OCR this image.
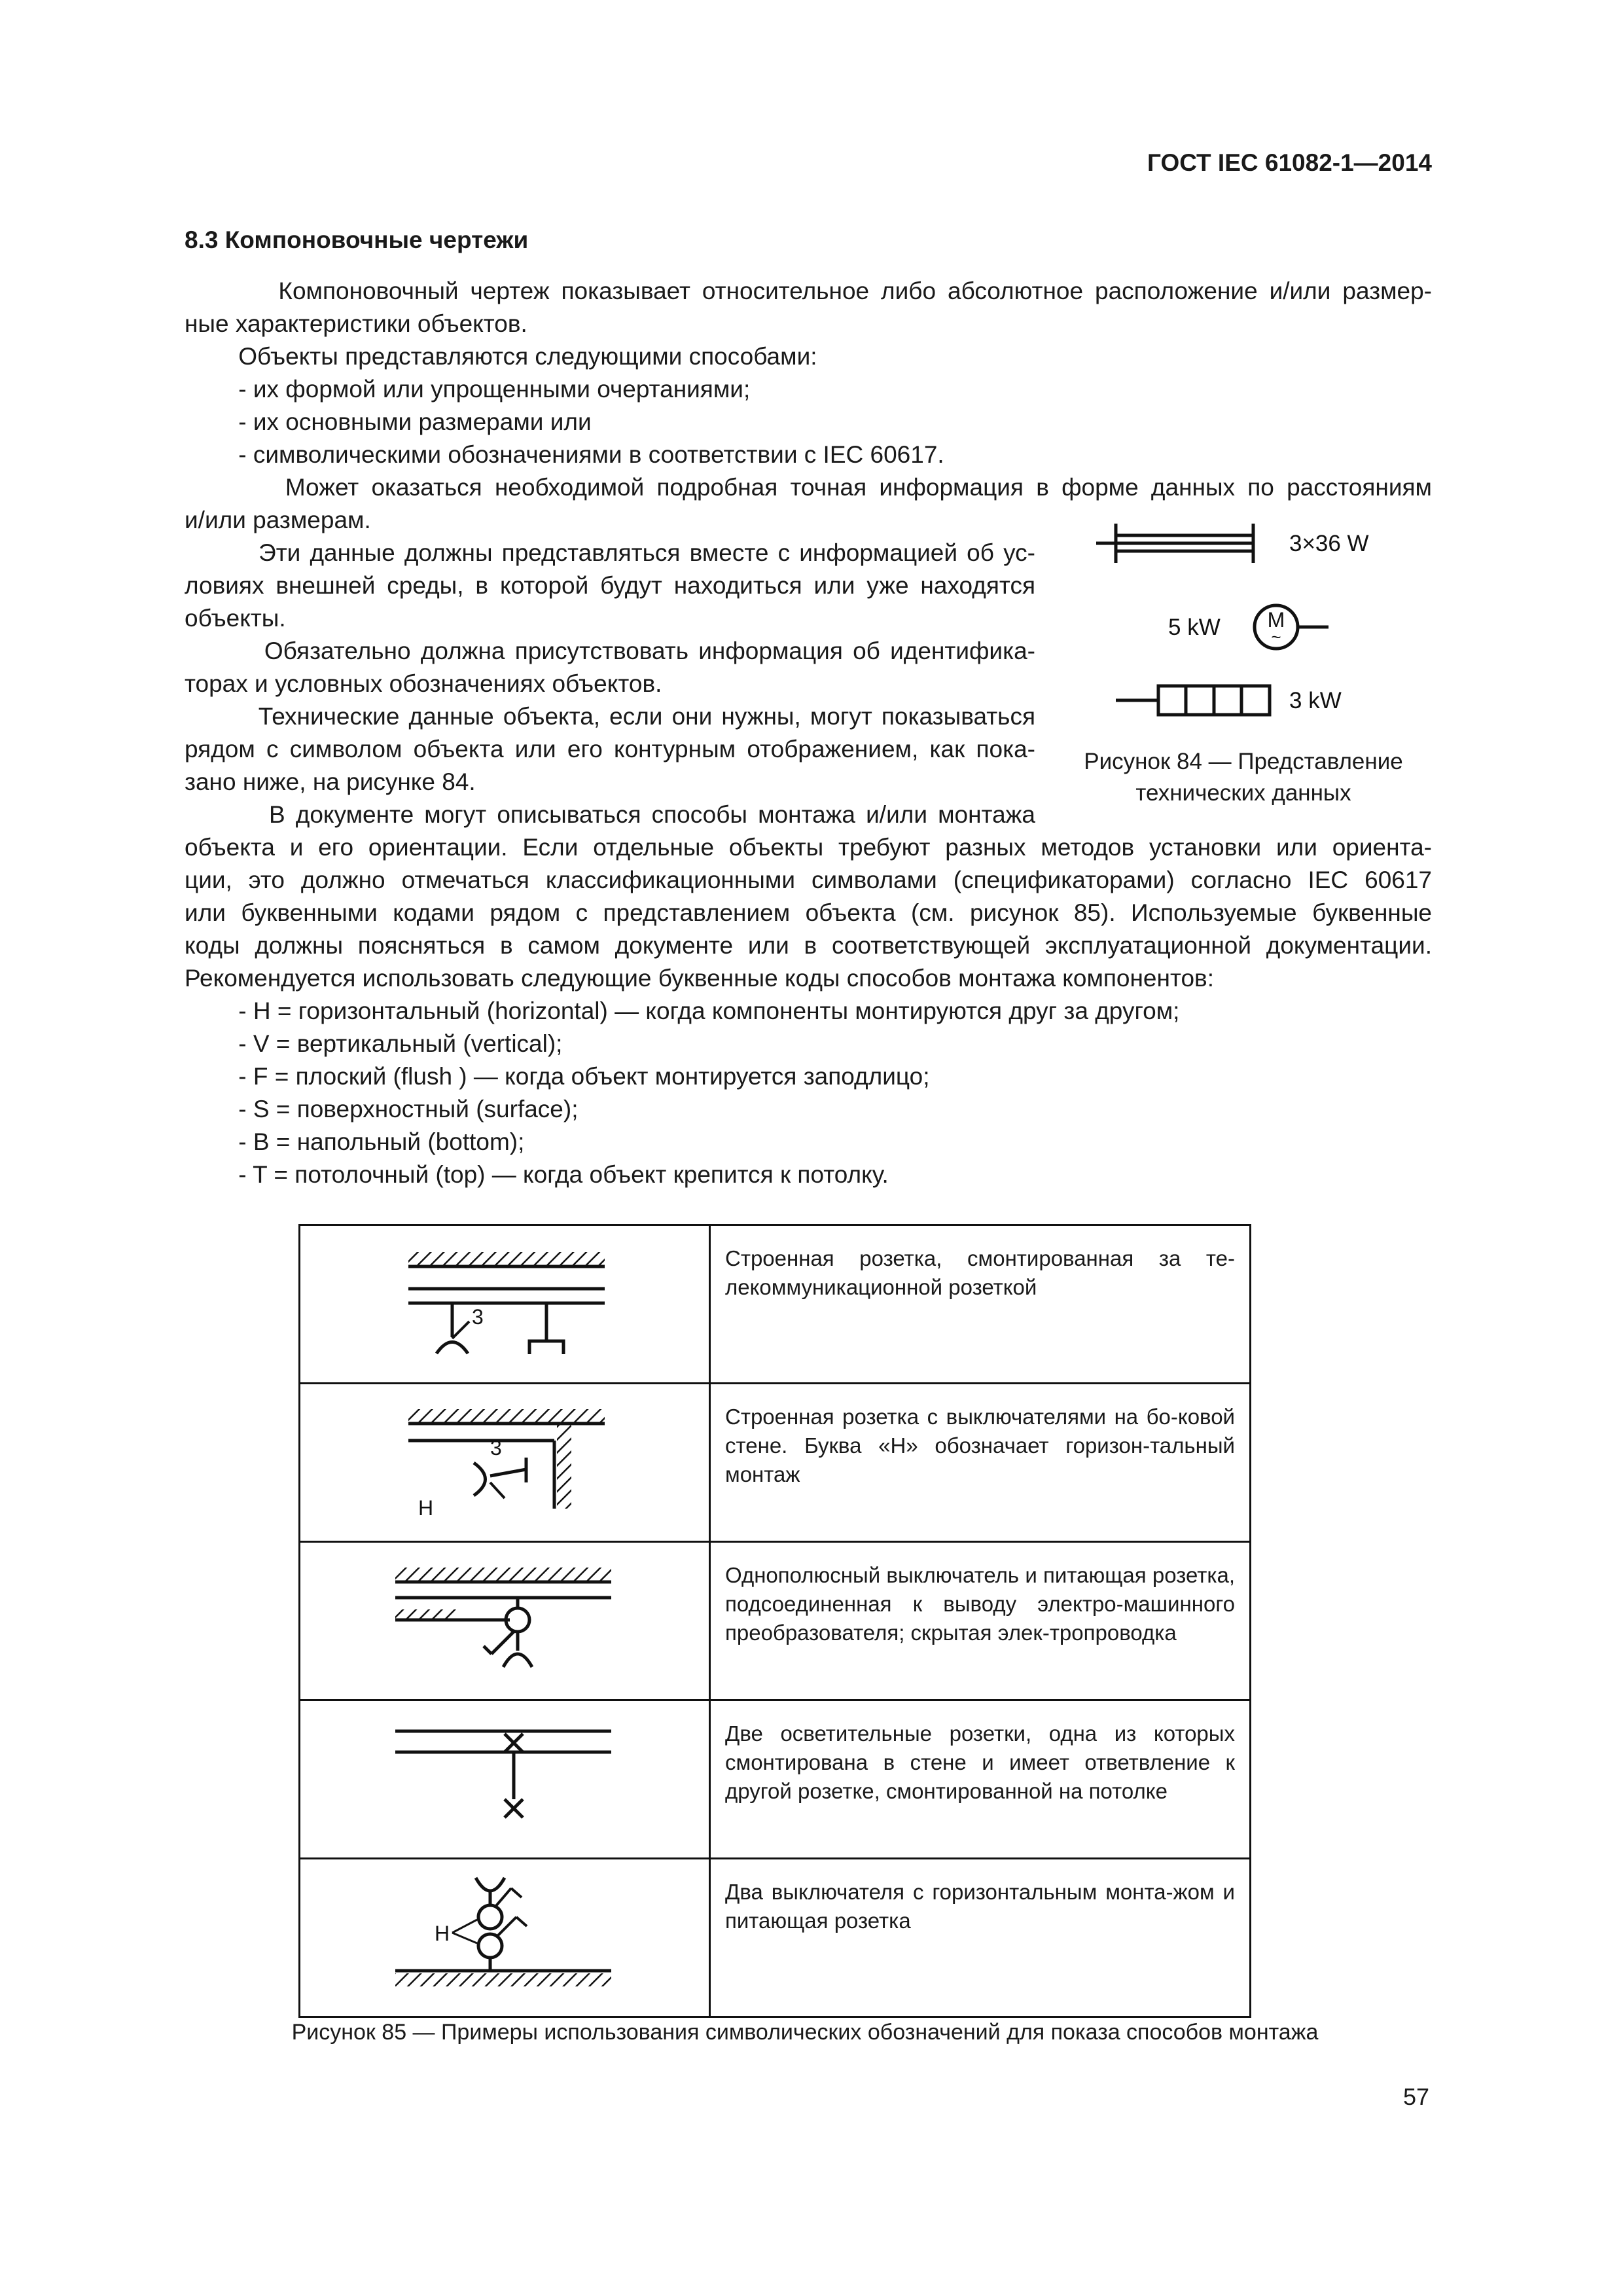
ГОСТ IEC 61082-1—2014
8.3 Компоновочные чертежи
Компоновочный чертеж показывает относительное либо абсолютное расположение и/или размер-
ные характеристики объектов.
Объекты представляются следующими способами:
- их формой или упрощенными очертаниями;
- их основными размерами или
- символическими обозначениями в соответствии с IEC 60617.
Может оказаться необходимой подробная точная информация в форме данных по расстояниям
и/или размерам.
Эти данные должны представляться вместе с информацией об ус-
ловиях внешней среды, в которой будут находиться или уже находятся
объекты.
Обязательно должна присутствовать информация об идентифика-
торах и условных обозначениях объектов.
Технические данные объекта, если они нужны, могут показываться
рядом с символом объекта или его контурным отображением, как пока-
зано ниже, на рисунке 84.
В документе могут описываться способы монтажа и/или монтажа
объекта и его ориентации. Если отдельные объекты требуют разных методов установки или ориента-
ции, это должно отмечаться классификационными символами (спецификаторами) согласно IEC 60617
или буквенными кодами рядом с представлением объекта (см. рисунок 85). Используемые буквенные
коды должны поясняться в самом документе или в соответствующей эксплуатационной документации.
Рекомендуется использовать следующие буквенные коды способов монтажа компонентов:
- H = горизонтальный (horizontal) — когда компоненты монтируются друг за другом;
- V = вертикальный (vertical);
- F = плоский (flush ) — когда объект монтируется заподлицо;
- S = поверхностный (surface);
- B = напольный (bottom);
- T = потолочный (top) — когда объект крепится к потолку.
3×36 W
5 kW M
~
3 kW
Рисунок 84 — Представление
технических данных
3	Строенная розетка, смонтированная за те-лекоммуникационной розеткой

3
H	Строенная розетка с выключателями на бо-ковой стене. Буква «H» обозначает горизон-тальный монтаж
	Однополюсный выключатель и питающая розетка, подсоединенная к выводу электро-машинного преобразователя; скрытая элек-тропроводка
	Две осветительные розетки, одна из которых смонтирована в стене и имеет ответвление к другой розетке, смонтированной на потолке

H	Два выключателя с горизонтальным монта-жом и питающая розетка
Рисунок 85 — Примеры использования символических обозначений для показа способов монтажа
57
